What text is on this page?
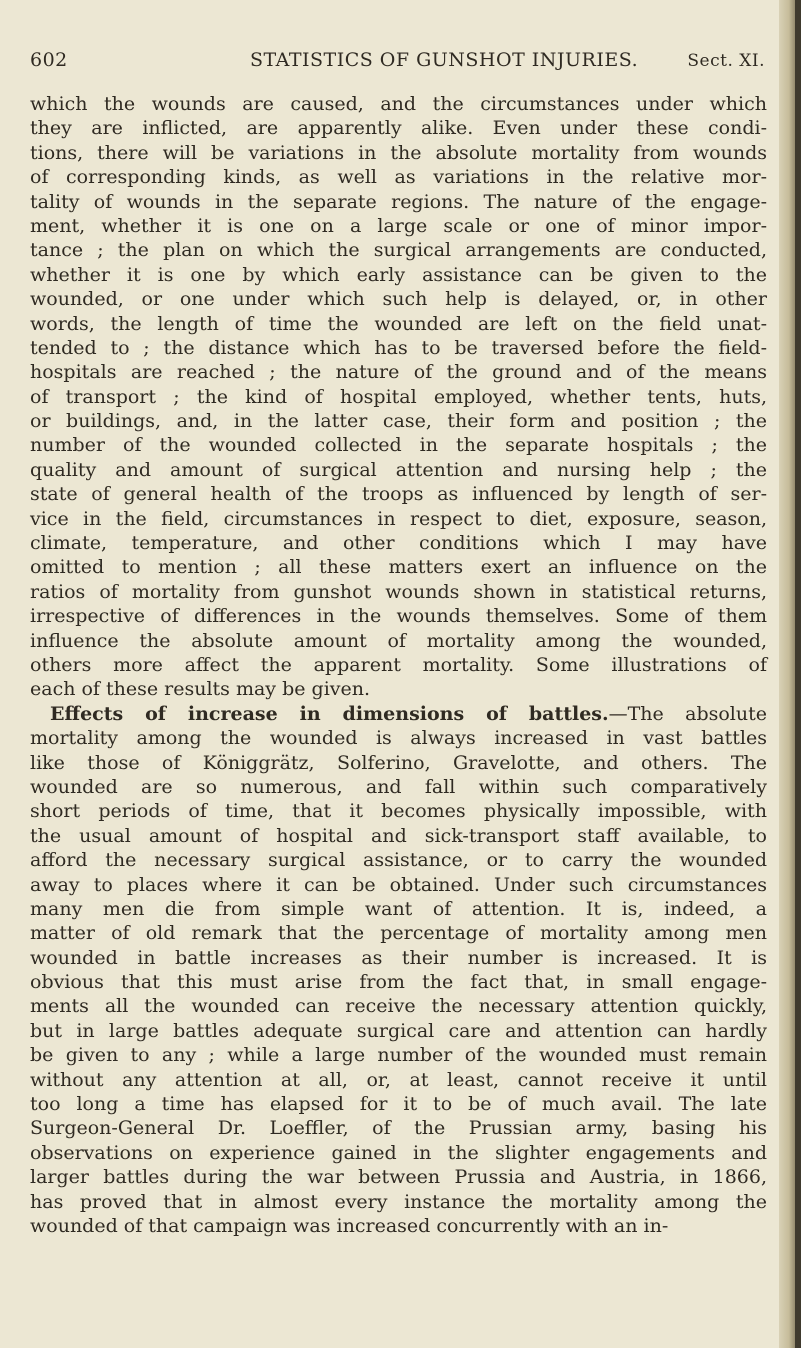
602	STATISTICS OF GUNSHOT INJURIES.	Sect. XI.
which the wounds are caused, and the circumstances under which
they are inflicted, are apparently alike. Even under these condi-
tions, there will be variations in the absolute mortality from wounds
of corresponding kinds, as well as variations in the relative mor-
tality of wounds in the separate regions. The nature of the engage-
ment, whether it is one on a large scale or one of minor impor-
tance ; the plan on which the surgical arrangements are conducted,
whether it is one by which early assistance can be given to the
wounded, or one under which such help is delayed, or, in other
words, the length of time the wounded are left on the field unat-
tended to ; the distance which has to be traversed before the field-
hospitals are reached ; the nature of the ground and of the means
of transport ; the kind of hospital employed, whether tents, huts,
or buildings, and, in the latter case, their form and position ; the
number of the wounded collected in the separate hospitals ; the
quality and amount of surgical attention and nursing help ; the
state of general health of the troops as influenced by length of ser-
vice in the field, circumstances in respect to diet, exposure, season,
climate, temperature, and other conditions which I may have
omitted to mention ; all these matters exert an influence on the
ratios of mortality from gunshot wounds shown in statistical returns,
irrespective of differences in the wounds themselves. Some of them
influence the absolute amount of mortality among the wounded,
others more affect the apparent mortality. Some illustrations of
each of these results may be given.
Effects of increase in dimensions of battles.—The absolute
mortality among the wounded is always increased in vast battles
like those of Königgrätz, Solferino, Gravelotte, and others. The
wounded are so numerous, and fall within such comparatively
short periods of time, that it becomes physically impossible, with
the usual amount of hospital and sick-transport staff available, to
afford the necessary surgical assistance, or to carry the wounded
away to places where it can be obtained. Under such circumstances
many men die from simple want of attention. It is, indeed, a
matter of old remark that the percentage of mortality among men
wounded in battle increases as their number is increased. It is
obvious that this must arise from the fact that, in small engage-
ments all the wounded can receive the necessary attention quickly,
but in large battles adequate surgical care and attention can hardly
be given to any ; while a large number of the wounded must remain
without any attention at all, or, at least, cannot receive it until
too long a time has elapsed for it to be of much avail. The late
Surgeon-General Dr. Loeffler, of the Prussian army, basing his
observations on experience gained in the slighter engagements and
larger battles during the war between Prussia and Austria, in 1866,
has proved that in almost every instance the mortality among the
wounded of that campaign was increased concurrently with an in-
